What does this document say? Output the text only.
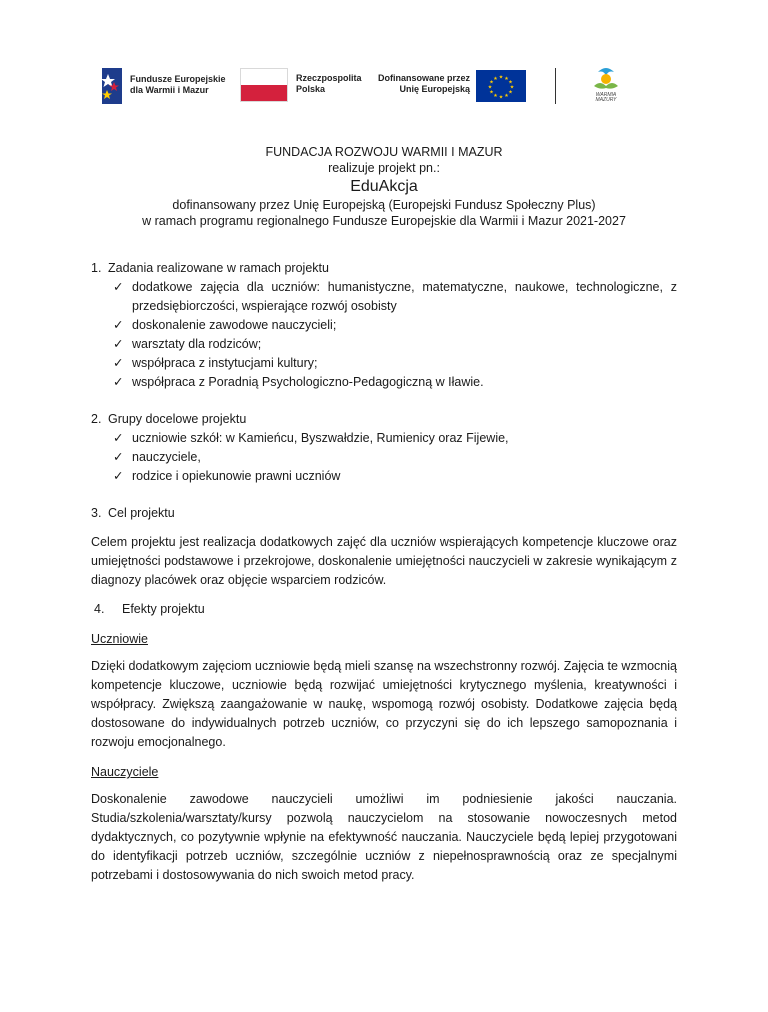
Fundusze Europejskie
dla Warmii i Mazur
Rzeczpospolita
Polska
Dofinansowane przez
Unię Europejską
★ ★
★
★
★
★
★
★
★
★
★
★
WARMIA
MAZURY
FUNDACJA ROZWOJU WARMII I MAZUR
realizuje projekt pn.:
EduAkcja
dofinansowany przez Unię Europejską (Europejski Fundusz Społeczny Plus)
w ramach programu regionalnego Fundusze Europejskie dla Warmii i Mazur 2021-2027
1. Zadania realizowane w ramach projektu
✓ dodatkowe zajęcia dla uczniów: humanistyczne, matematyczne, naukowe, technologiczne, z przedsiębiorczości, wspierające rozwój osobisty
✓ doskonalenie zawodowe nauczycieli;
✓ warsztaty dla rodziców;
✓ współpraca z instytucjami kultury;
✓ współpraca z Poradnią Psychologiczno-Pedagogiczną w Iławie.
2. Grupy docelowe projektu
✓ uczniowie szkół: w Kamieńcu, Byszwałdzie, Rumienicy oraz Fijewie,
✓ nauczyciele,
✓ rodzice i opiekunowie prawni uczniów
3. Cel projektu

Celem projektu jest realizacja dodatkowych zajęć dla uczniów wspierających kompetencje kluczowe oraz umiejętności podstawowe i przekrojowe, doskonalenie umiejętności nauczycieli w zakresie wynikającym z diagnozy placówek oraz objęcie wsparciem rodziców.

4.	Efekty projektu
Uczniowie

Dzięki dodatkowym zajęciom uczniowie będą mieli szansę na wszechstronny rozwój. Zajęcia te wzmocnią kompetencje kluczowe, uczniowie będą rozwijać umiejętności krytycznego myślenia, kreatywności i współpracy. Zwiększą zaangażowanie w naukę, wspomogą rozwój osobisty. Dodatkowe zajęcia będą dostosowane do indywidualnych potrzeb uczniów, co przyczyni się do ich lepszego samopoznania i rozwoju emocjonalnego.

Nauczyciele

Doskonalenie zawodowe nauczycieli umożliwi im podniesienie jakości nauczania. Studia/szkolenia/warsztaty/kursy pozwolą nauczycielom na stosowanie nowoczesnych metod dydaktycznych, co pozytywnie wpłynie na efektywność nauczania. Nauczyciele będą lepiej przygotowani do identyfikacji potrzeb uczniów, szczególnie uczniów z niepełnosprawnością oraz ze specjalnymi potrzebami i dostosowywania do nich swoich metod pracy.
